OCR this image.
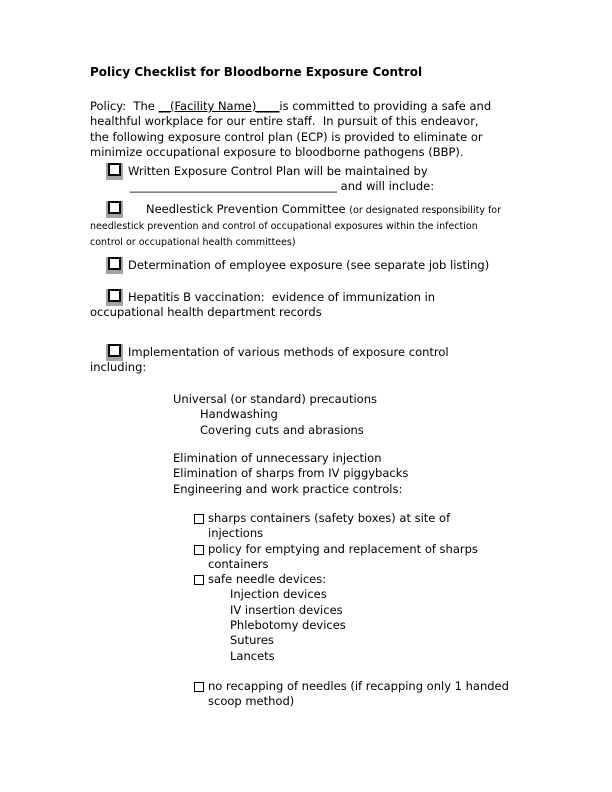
Policy Checklist for Bloodborne Exposure Control

Policy:  The __(Facility Name)____is committed to providing a safe and
healthful workplace for our entire staff.  In pursuit of this endeavor,
the following exposure control plan (ECP) is provided to eliminate or
minimize occupational exposure to bloodborne pathogens (BBP).

Written Exposure Control Plan will be maintained by
____________________________________ and will include:
Needlestick Prevention Committee (or designated responsibility for
needlestick prevention and control of occupational exposures within the infection
control or occupational health committees)
Determination of employee exposure (see separate job listing)
Hepatitis B vaccination:  evidence of immunization in
occupational health department records
Implementation of various methods of exposure control
including:
Universal (or standard) precautions
Handwashing
Covering cuts and abrasions
Elimination of unnecessary injection
Elimination of sharps from IV piggybacks
Engineering and work practice controls:
sharps containers (safety boxes) at site of
injections
policy for emptying and replacement of sharps
containers
safe needle devices:
Injection devices
IV insertion devices
Phlebotomy devices
Sutures
Lancets
no recapping of needles (if recapping only 1 handed
scoop method)
